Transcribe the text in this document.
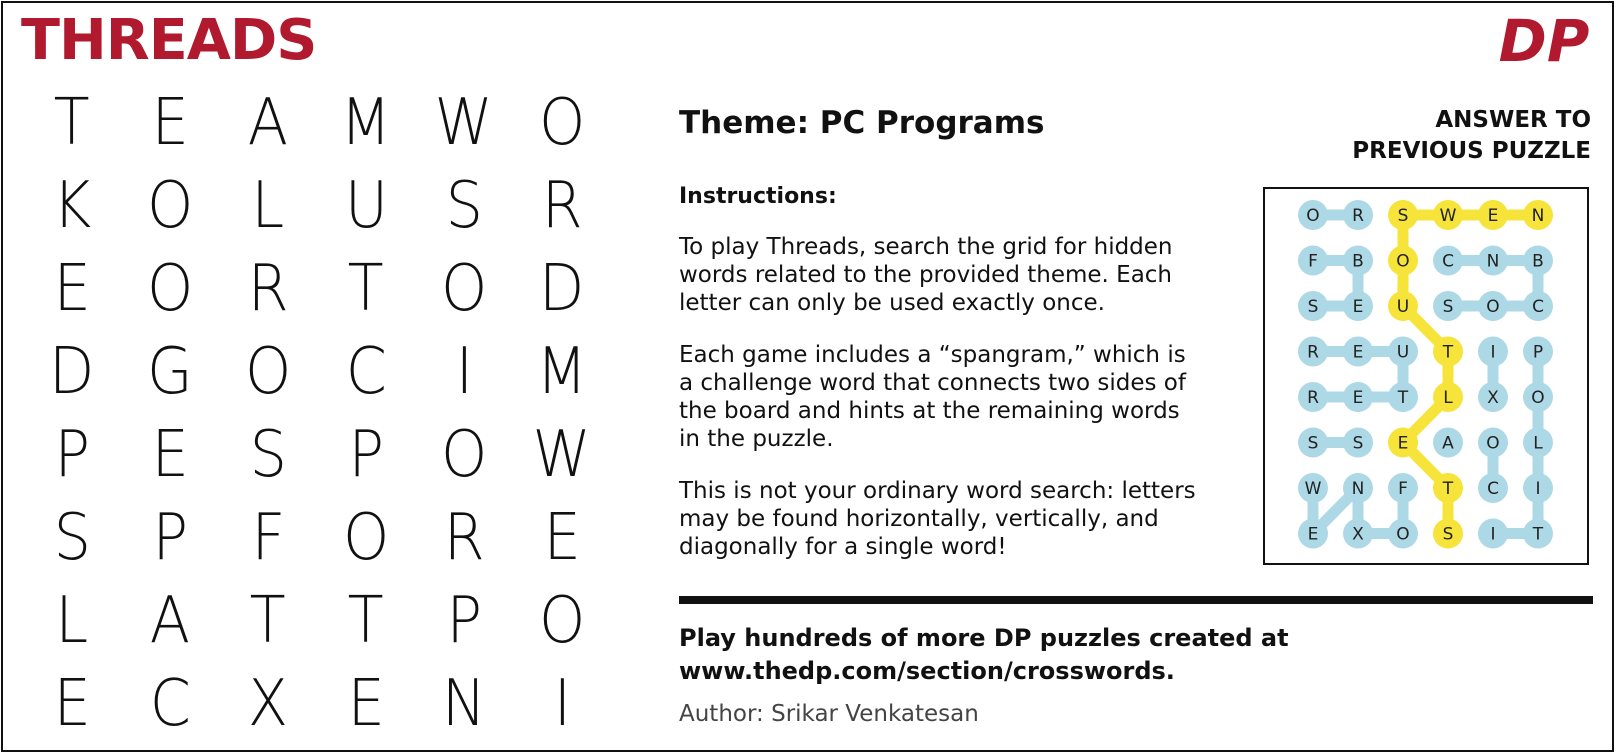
THREADS	DP
T E A M W O
K O L U S R
E O R T O D
D G O C I M
P E S P O W
S P F O R E
L A T T P O
E C X E N I
Theme: PC Programs
Instructions:
To play Threads, search the grid for hidden
words related to the provided theme. Each
letter can only be used exactly once.
Each game includes a “spangram,” which is
a challenge word that connects two sides of
the board and hints at the remaining words
in the puzzle.
This is not your ordinary word search: letters
may be found horizontally, vertically, and
diagonally for a single word!
ANSWER TO
PREVIOUS PUZZLE
O R S W E N
F B O C N B
S E U S O C
R E U T I P
R E T L X O
S S E A O L
W N F T C I
E X O S I T
Play hundreds of more DP puzzles created at
www.thedp.com/section/crosswords.
Author: Srikar Venkatesan
